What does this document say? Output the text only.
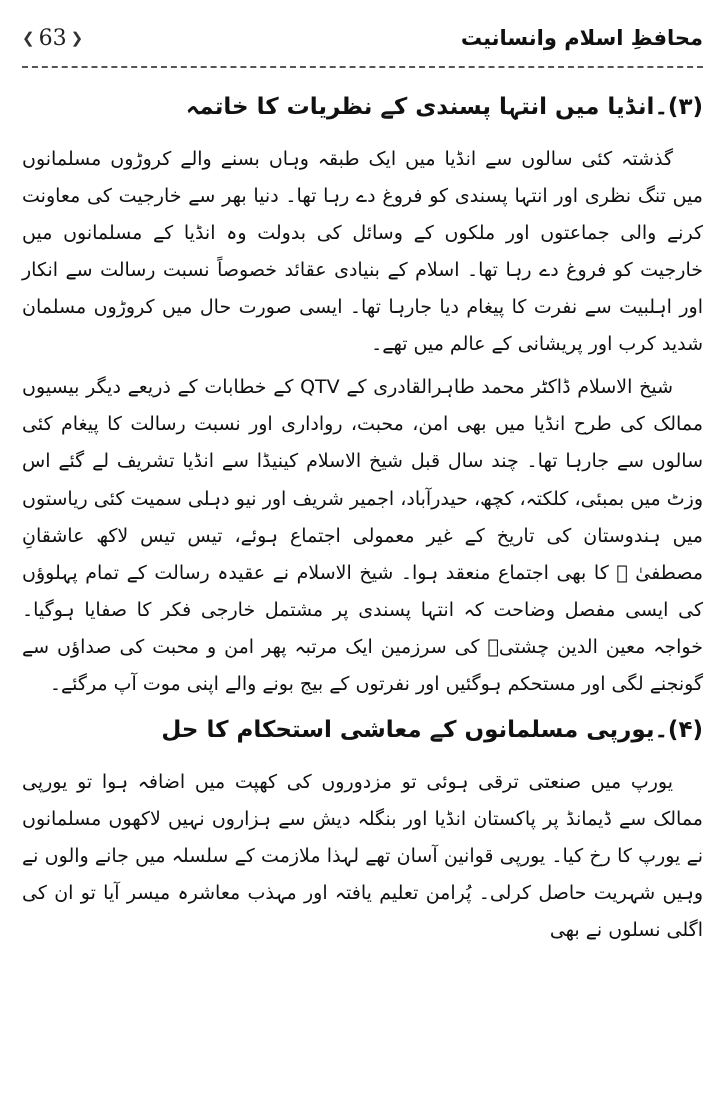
❮ 63 ❯	محافظِ اسلام وانسانیت
(۳)۔انڈیا میں انتہا پسندی کے نظریات کا خاتمہ

گذشتہ کئی سالوں سے انڈیا میں ایک طبقہ وہاں بسنے والے کروڑوں مسلمانوں میں تنگ نظری اور انتہا پسندی کو فروغ دے رہا تھا۔ دنیا بھر سے خارجیت کی معاونت کرنے والی جماعتوں اور ملکوں کے وسائل کی بدولت وہ انڈیا کے مسلمانوں میں خارجیت کو فروغ دے رہا تھا۔ اسلام کے بنیادی عقائد خصوصاً نسبت رسالت سے انکار اور اہلبیت سے نفرت کا پیغام دیا جارہا تھا۔ ایسی صورت حال میں کروڑوں مسلمان شدید کرب اور پریشانی کے عالم میں تھے۔

شیخ الاسلام ڈاکٹر محمد طاہرالقادری کے QTV کے خطابات کے ذریعے دیگر بیسیوں ممالک کی طرح انڈیا میں بھی امن، محبت، رواداری اور نسبت رسالت کا پیغام کئی سالوں سے جارہا تھا۔ چند سال قبل شیخ الاسلام کینیڈا سے انڈیا تشریف لے گئے اس وزٹ میں بمبئی، کلکتہ، کچھ، حیدرآباد، اجمیر شریف اور نیو دہلی سمیت کئی ریاستوں میں ہندوستان کی تاریخ کے غیر معمولی اجتماع ہوئے، تیس تیس لاکھ عاشقانِ مصطفیٰ ﷺ کا بھی اجتماع منعقد ہوا۔ شیخ الاسلام نے عقیدہ رسالت کے تمام پہلوؤں کی ایسی مفصل وضاحت کہ انتہا پسندی پر مشتمل خارجی فکر کا صفایا ہوگیا۔ خواجہ معین الدین چشتیؒ کی سرزمین ایک مرتبہ پھر امن و محبت کی صداؤں سے گونجنے لگی اور مستحکم ہوگئیں اور نفرتوں کے بیج بونے والے اپنی موت آپ مرگئے۔

(۴)۔یورپی مسلمانوں کے معاشی استحکام کا حل

یورپ میں صنعتی ترقی ہوئی تو مزدوروں کی کھپت میں اضافہ ہوا تو یورپی ممالک سے ڈیمانڈ پر پاکستان انڈیا اور بنگلہ دیش سے ہزاروں نہیں لاکھوں مسلمانوں نے یورپ کا رخ کیا۔ یورپی قوانین آسان تھے لہذا ملازمت کے سلسلہ میں جانے والوں نے وہیں شہریت حاصل کرلی۔ پُرامن تعلیم یافتہ اور مہذب معاشرہ میسر آیا تو ان کی اگلی نسلوں نے بھی
